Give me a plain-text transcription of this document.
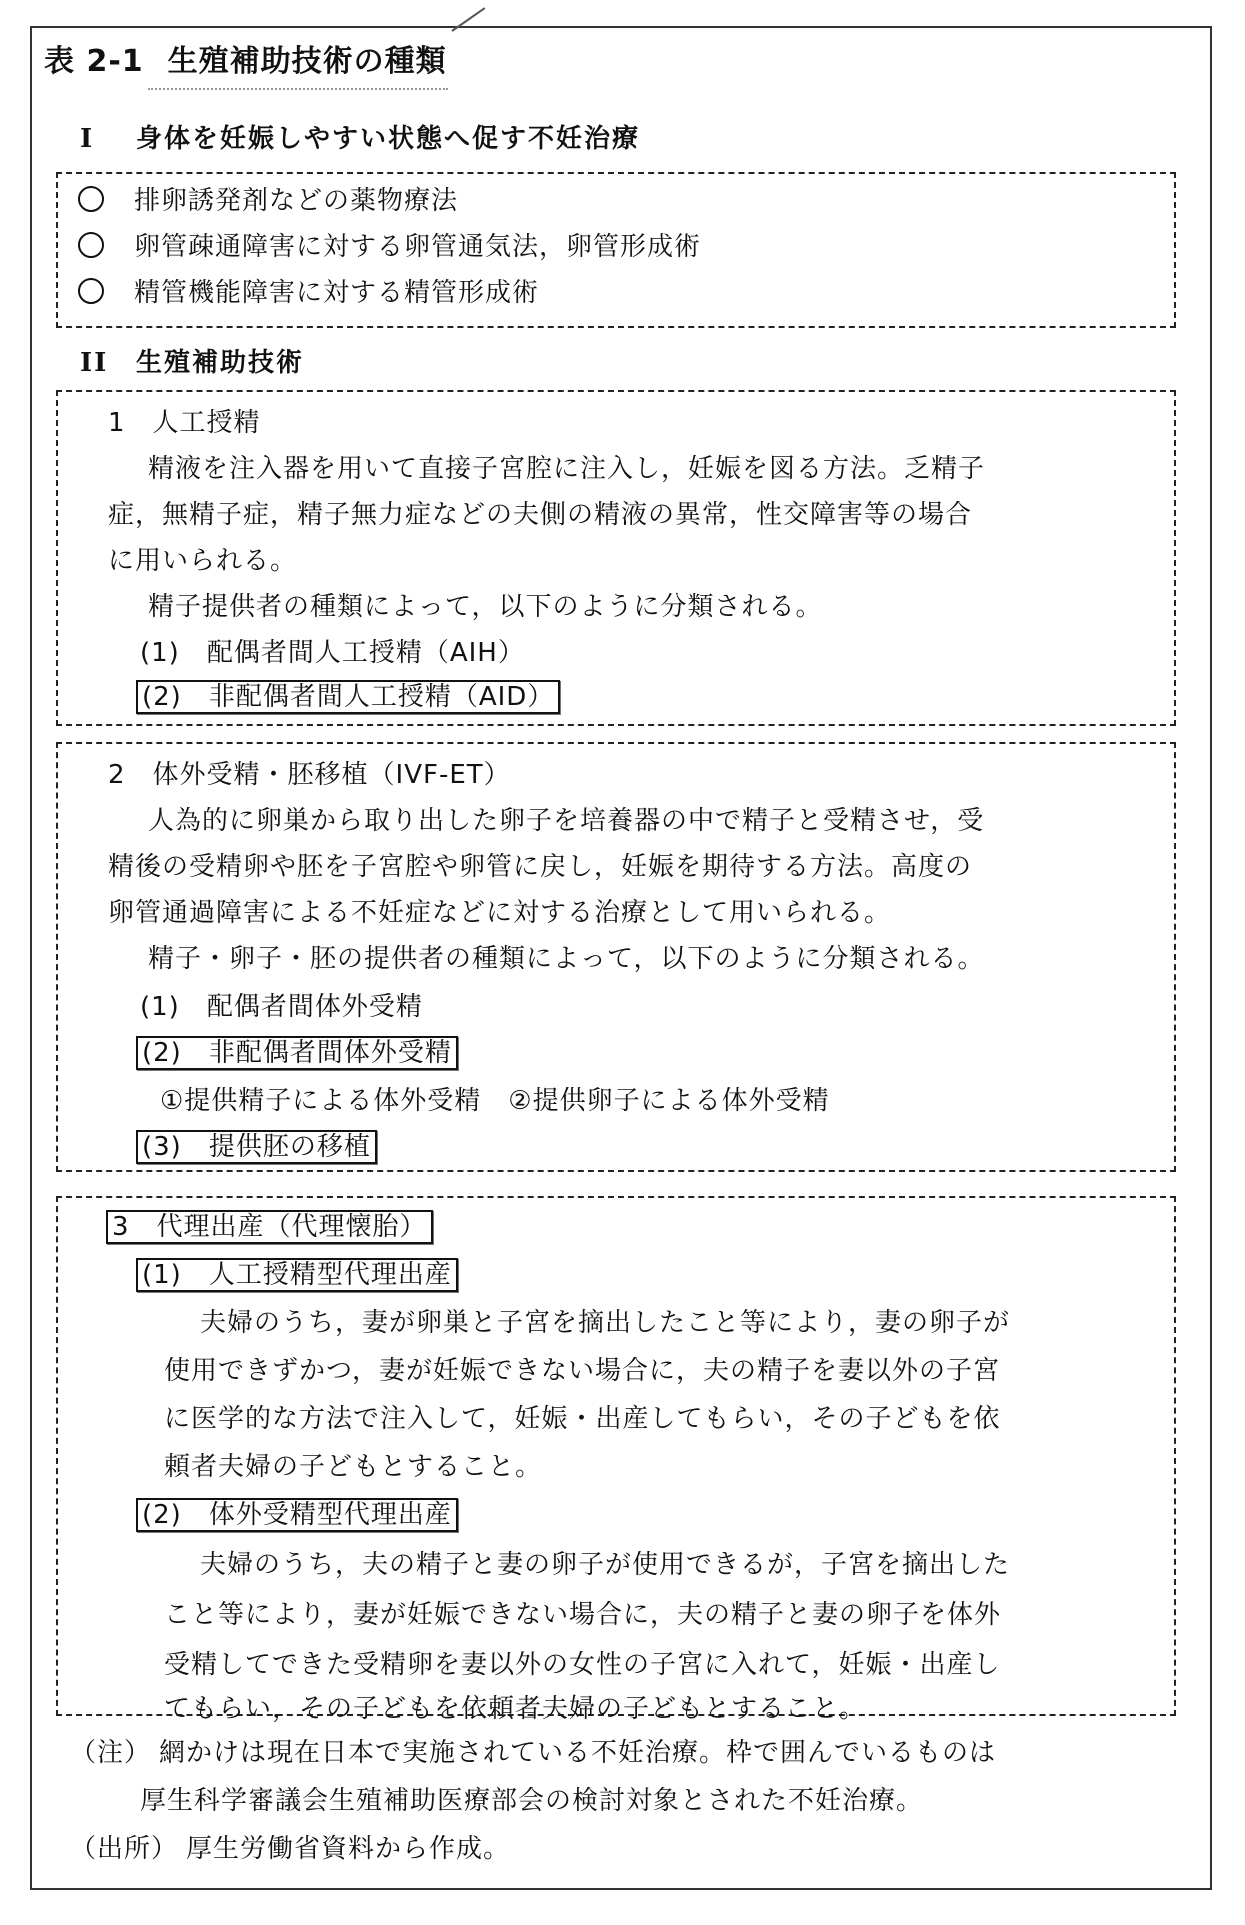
表 2-1 生殖補助技術の種類
I 身体を妊娠しやすい状態へ促す不妊治療
排卵誘発剤などの薬物療法
卵管疎通障害に対する卵管通気法，卵管形成術
精管機能障害に対する精管形成術
II 生殖補助技術
1　人工授精
精液を注入器を用いて直接子宮腔に注入し，妊娠を図る方法。乏精子
症，無精子症，精子無力症などの夫側の精液の異常，性交障害等の場合
に用いられる。
精子提供者の種類によって，以下のように分類される。
(1)　配偶者間人工授精（AIH）
(2)　非配偶者間人工授精（AID）
2　体外受精・胚移植（IVF-ET）
人為的に卵巣から取り出した卵子を培養器の中で精子と受精させ，受
精後の受精卵や胚を子宮腔や卵管に戻し，妊娠を期待する方法。高度の
卵管通過障害による不妊症などに対する治療として用いられる。
精子・卵子・胚の提供者の種類によって，以下のように分類される。
(1)　配偶者間体外受精
(2)　非配偶者間体外受精
①提供精子による体外受精　②提供卵子による体外受精
(3)　提供胚の移植
3　代理出産（代理懐胎）
(1)　人工授精型代理出産
夫婦のうち，妻が卵巣と子宮を摘出したこと等により，妻の卵子が
使用できずかつ，妻が妊娠できない場合に，夫の精子を妻以外の子宮
に医学的な方法で注入して，妊娠・出産してもらい，その子どもを依
頼者夫婦の子どもとすること。
(2)　体外受精型代理出産
夫婦のうち，夫の精子と妻の卵子が使用できるが，子宮を摘出した
こと等により，妻が妊娠できない場合に，夫の精子と妻の卵子を体外
受精してできた受精卵を妻以外の女性の子宮に入れて，妊娠・出産し
てもらい，その子どもを依頼者夫婦の子どもとすること。
（注） 網かけは現在日本で実施されている不妊治療。枠で囲んでいるものは
厚生科学審議会生殖補助医療部会の検討対象とされた不妊治療。
（出所） 厚生労働省資料から作成。
